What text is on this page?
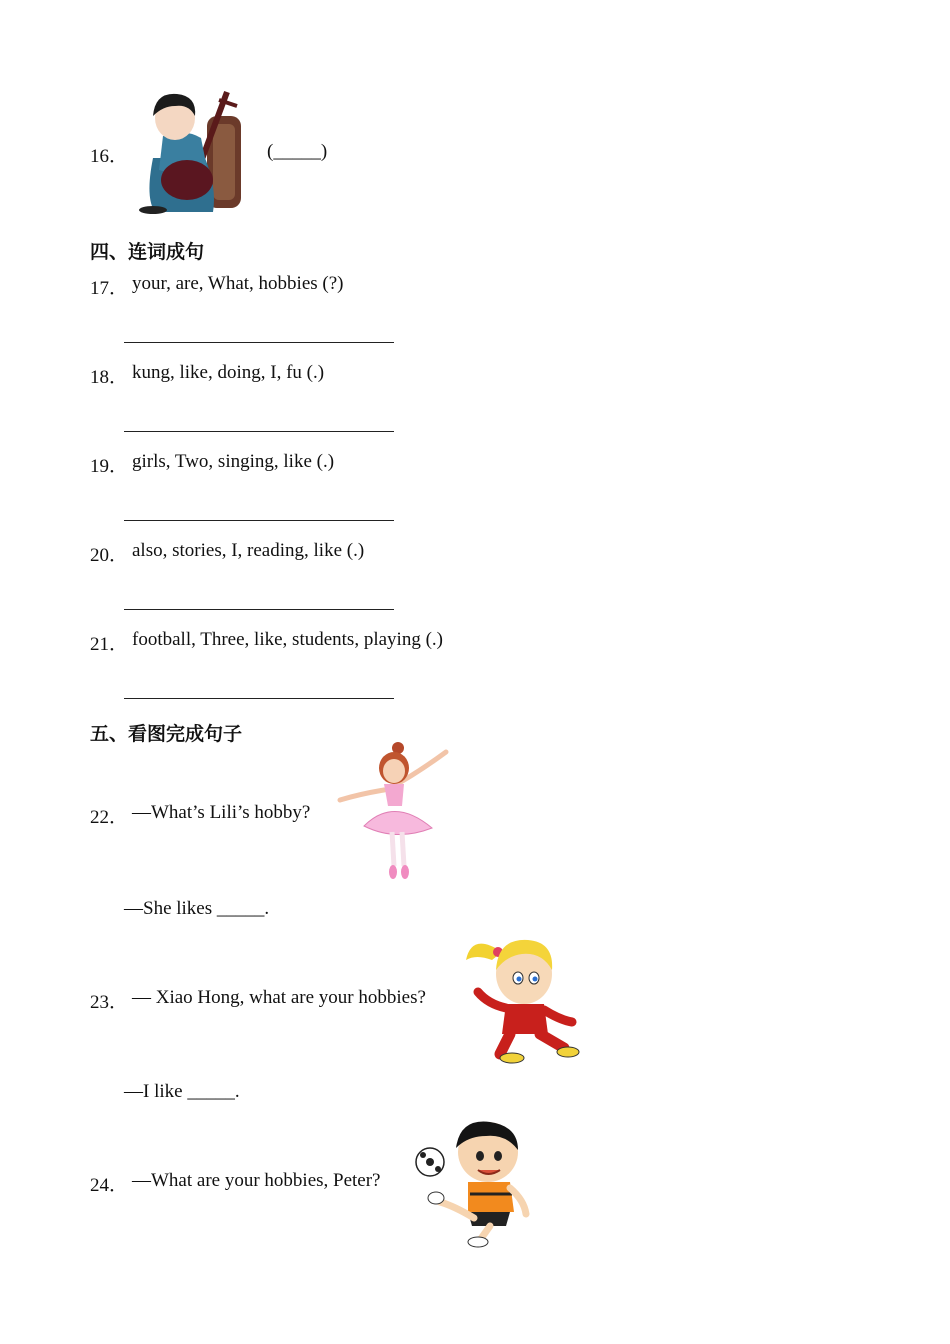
16．	(_____)
四、连词成句
17． your, are, What, hobbies (?)
18． kung, like, doing, I, fu (.)
19． girls, Two, singing, like (.)
20． also, stories, I, reading, like (.)
21． football, Three, like, students, playing (.)
五、看图完成句子
22． —What’s Lili’s hobby?
—She likes _____.
23． — Xiao Hong, what are your hobbies?
—I like _____.
24． —What are your hobbies, Peter?
